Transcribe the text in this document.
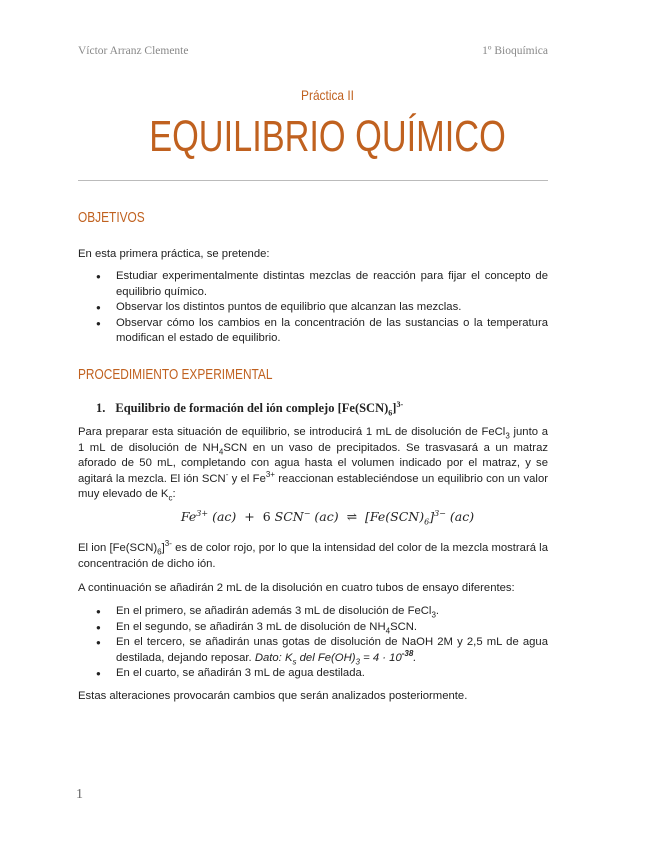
Víctor Arranz Clemente	1º Bioquímica
Práctica II
EQUILIBRIO QUÍMICO
OBJETIVOS
En esta primera práctica, se pretende:
● Estudiar experimentalmente distintas mezclas de reacción para fijar el concepto de equilibrio químico.
● Observar los distintos puntos de equilibrio que alcanzan las mezclas.
● Observar cómo los cambios en la concentración de las sustancias o la temperatura modifican el estado de equilibrio.
PROCEDIMIENTO EXPERIMENTAL
1. Equilibrio de formación del ión complejo $[Fe(SCN)_6]^{3-}$
Para preparar esta situación de equilibrio, se introducirá 1 mL de disolución de FeCl$_3$ junto a 1 mL de disolución de $NH_4SCN$ en un vaso de precipitados. Se trasvasará a un matraz aforado de 50 mL, completando con agua hasta el volumen indicado por el matraz, y se agitará la mezcla. El ión SCN- y el $Fe^{3+}$ reaccionan estableciéndose un equilibrio con un valor muy elevado de $K_c$:
$Fe^{3+}$ (ac) + 6 SCN− (ac) ⇌ $[Fe(SCN)_6]^{3-}$ (ac)
El ion $[Fe(SCN)_6]^{3-}$ es de color rojo, por lo que la intensidad del color de la mezcla mostrará la concentración de dicho ión.
A continuación se añadirán 2 mL de la disolución en cuatro tubos de ensayo diferentes:
● En el primero, se añadirán además 3 mL de disolución de FeCl$_3$.
● En el segundo, se añadirán 3 mL de disolución de $NH_4SCN$.
● En el tercero, se añadirán unas gotas de disolución de NaOH 2M y 2,5 mL de agua destilada, dejando reposar. Dato: $K_s$ del $Fe(OH)_3 = 4 \cdot 10^{-38}$.
● En el cuarto, se añadirán 3 mL de agua destilada.
Estas alteraciones provocarán cambios que serán analizados posteriormente.
1
